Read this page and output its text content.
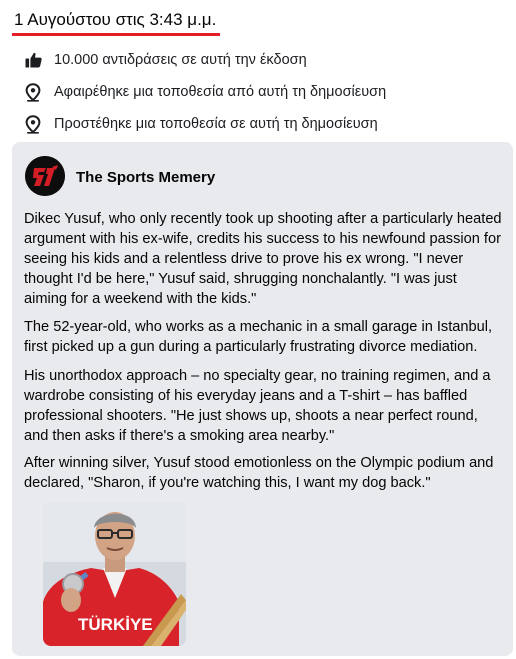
1 Αυγούστου στις 3:43 μ.μ.
10.000 αντιδράσεις σε αυτή την έκδοση
Αφαιρέθηκε μια τοποθεσία από αυτή τη δημοσίευση
Προστέθηκε μια τοποθεσία σε αυτή τη δημοσίευση
The Sports Memery

Dikec Yusuf, who only recently took up shooting after a particularly heated argument with his ex-wife, credits his success to his newfound passion for seeing his kids and a relentless drive to prove his ex wrong. "I never thought I'd be here," Yusuf said, shrugging nonchalantly. "I was just aiming for a weekend with the kids."

The 52-year-old, who works as a mechanic in a small garage in Istanbul, first picked up a gun during a particularly frustrating divorce mediation.

His unorthodox approach – no specialty gear, no training regimen, and a wardrobe consisting of his everyday jeans and a T-shirt – has baffled professional shooters. "He just shows up, shoots a near perfect round, and then asks if there's a smoking area nearby."

After winning silver, Yusuf stood emotionless on the Olympic podium and declared, "Sharon, if you're watching this, I want my dog back."

TÜRKİYE
